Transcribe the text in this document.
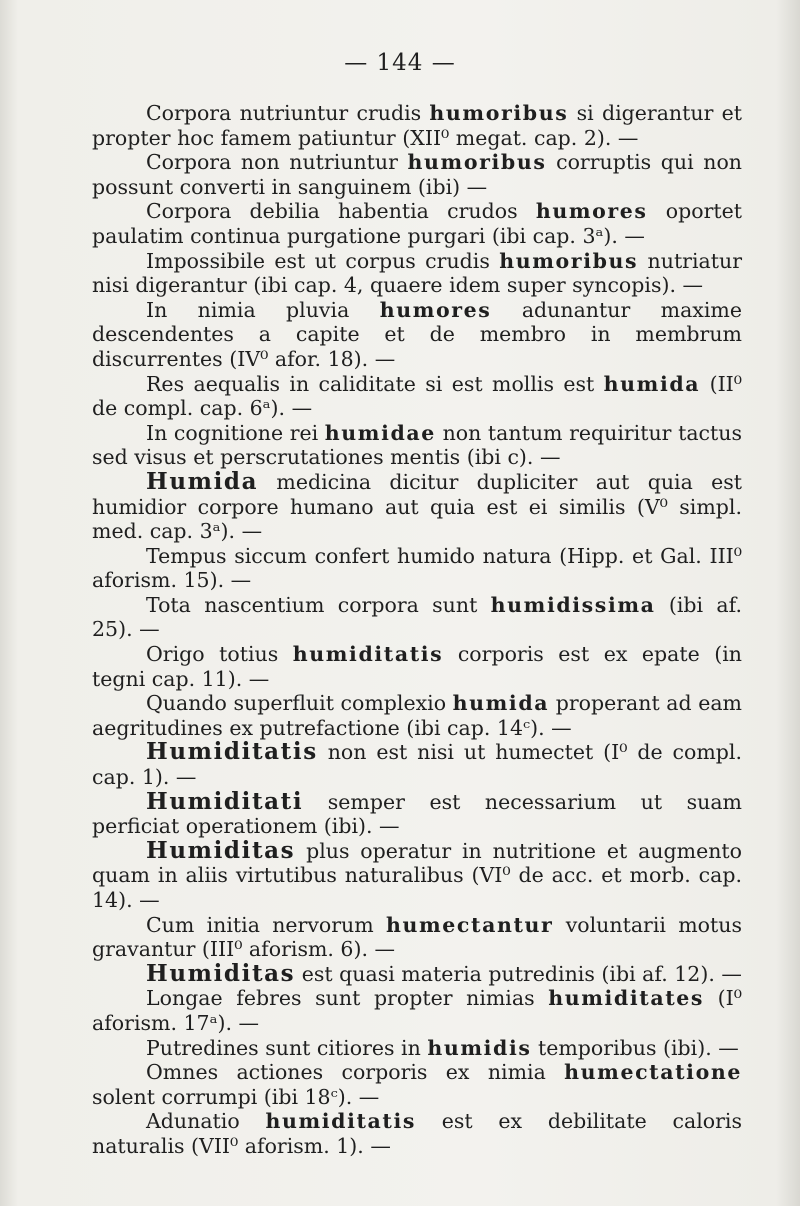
— 144 —

Corpora nutriuntur crudis humoribus si digerantur et propter hoc famem patiuntur (XII⁰ megat. cap. 2). —

Corpora non nutriuntur humoribus corruptis qui non possunt converti in sanguinem (ibi) —

Corpora debilia habentia crudos humores oportet paulatim continua purgatione purgari (ibi cap. 3ᵃ). —

Impossibile est ut corpus crudis humoribus nutriatur nisi digerantur (ibi cap. 4, quaere idem super syncopis). —

In nimia pluvia humores adunantur maxime descendentes a capite et de membro in membrum discurrentes (IV⁰ afor. 18). —

Res aequalis in caliditate si est mollis est humida (II⁰ de compl. cap. 6ᵃ). —

In cognitione rei humidae non tantum requiritur tactus sed visus et perscrutationes mentis (ibi c). —

Humida medicina dicitur dupliciter aut quia est humidior corpore humano aut quia est ei similis (V⁰ simpl. med. cap. 3ᵃ). —

Tempus siccum confert humido natura (Hipp. et Gal. III⁰ aforism. 15). —

Tota nascentium corpora sunt humidissima (ibi af. 25). —

Origo totius humiditatis corporis est ex epate (in tegni cap. 11). —

Quando superfluit complexio humida properant ad eam aegritudines ex putrefactione (ibi cap. 14ᶜ). —

Humiditatis non est nisi ut humectet (I⁰ de compl. cap. 1). —

Humiditati semper est necessarium ut suam perficiat operationem (ibi). —

Humiditas plus operatur in nutritione et augmento quam in aliis virtutibus naturalibus (VI⁰ de acc. et morb. cap. 14). —

Cum initia nervorum humectantur voluntarii motus gravantur (III⁰ aforism. 6). —

Humiditas est quasi materia putredinis (ibi af. 12). —

Longae febres sunt propter nimias humiditates (I⁰ aforism. 17ᵃ). —

Putredines sunt citiores in humidis temporibus (ibi). —

Omnes actiones corporis ex nimia humectatione solent corrumpi (ibi 18ᶜ). —

Adunatio humiditatis est ex debilitate caloris naturalis (VII⁰ aforism. 1). —
